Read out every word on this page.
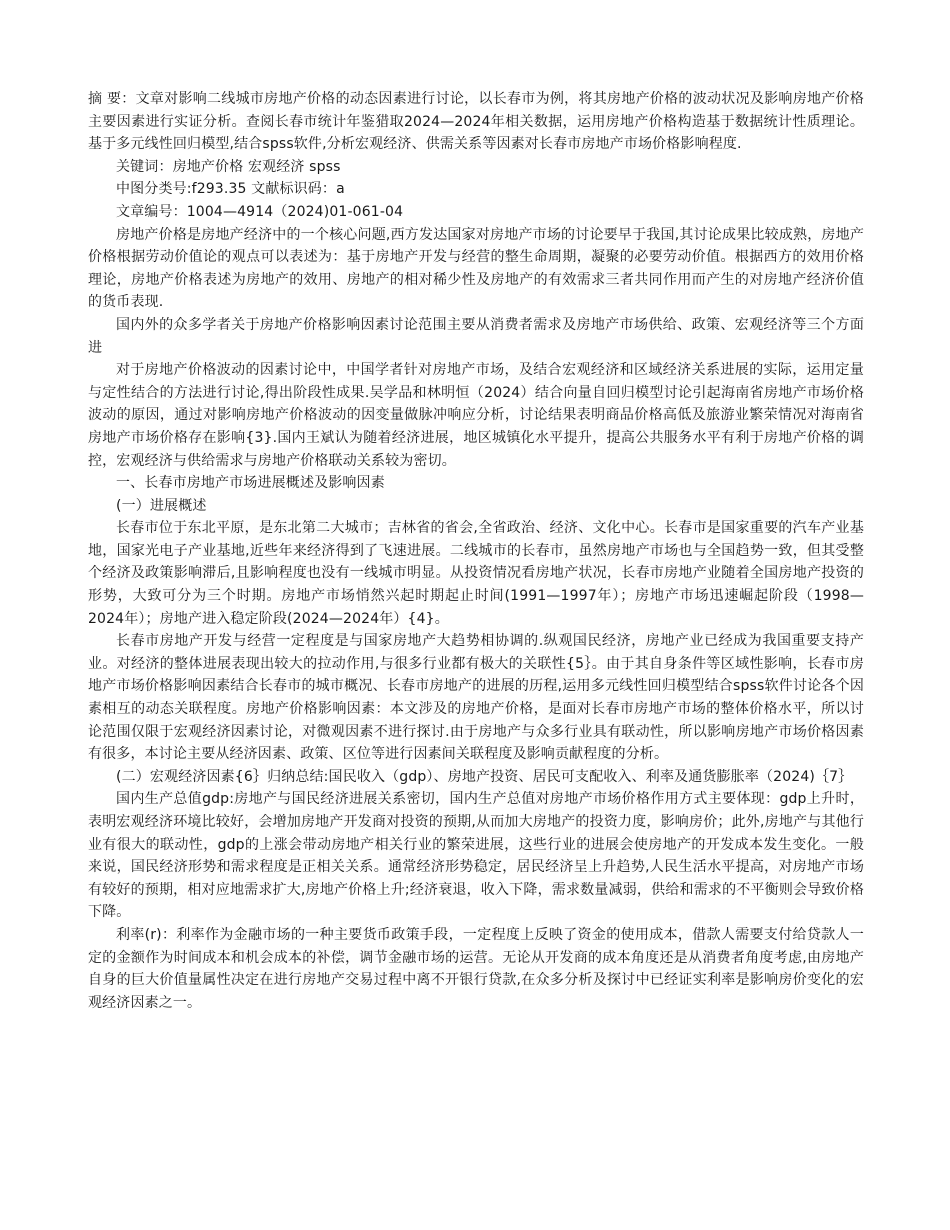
摘 要：文章对影响二线城市房地产价格的动态因素进行讨论，以长春市为例，将其房地产价格的波动状况及影响房地产价格主要因素进行实证分析。查阅长春市统计年鉴猎取2024—2024年相关数据，运用房地产价格构造基于数据统计性质理论。基于多元线性回归模型,结合spss软件,分析宏观经济、供需关系等因素对长春市房地产市场价格影响程度.

关键词：房地产价格 宏观经济 spss

中图分类号:f293.35 文献标识码：a

文章编号：1004—4914（2024)01-061-04

房地产价格是房地产经济中的一个核心问题,西方发达国家对房地产市场的讨论要早于我国,其讨论成果比较成熟，房地产价格根据劳动价值论的观点可以表述为：基于房地产开发与经营的整生命周期，凝聚的必要劳动价值。根据西方的效用价格理论，房地产价格表述为房地产的效用、房地产的相对稀少性及房地产的有效需求三者共同作用而产生的对房地产经济价值的货币表现.

国内外的众多学者关于房地产价格影响因素讨论范围主要从消费者需求及房地产市场供给、政策、宏观经济等三个方面进

对于房地产价格波动的因素讨论中，中国学者针对房地产市场，及结合宏观经济和区域经济关系进展的实际，运用定量与定性结合的方法进行讨论,得出阶段性成果.吴学品和林明恒（2024）结合向量自回归模型讨论引起海南省房地产市场价格波动的原因，通过对影响房地产价格波动的因变量做脉冲响应分析，讨论结果表明商品价格高低及旅游业繁荣情况对海南省房地产市场价格存在影响{3}.国内王斌认为随着经济进展，地区城镇化水平提升，提高公共服务水平有利于房地产价格的调控，宏观经济与供给需求与房地产价格联动关系较为密切。

一、长春市房地产市场进展概述及影响因素

(一）进展概述

长春市位于东北平原，是东北第二大城市；吉林省的省会,全省政治、经济、文化中心。长春市是国家重要的汽车产业基地，国家光电子产业基地,近些年来经济得到了飞速进展。二线城市的长春市，虽然房地产市场也与全国趋势一致，但其受整个经济及政策影响滞后,且影响程度也没有一线城市明显。从投资情况看房地产状况，长春市房地产业随着全国房地产投资的形势，大致可分为三个时期。房地产市场悄然兴起时期起止时间(1991—1997年）；房地产市场迅速崛起阶段（1998—2024年）；房地产进入稳定阶段(2024—2024年）{4}。

长春市房地产开发与经营一定程度是与国家房地产大趋势相协调的.纵观国民经济，房地产业已经成为我国重要支持产业。对经济的整体进展表现出较大的拉动作用,与很多行业都有极大的关联性{5｝。由于其自身条件等区域性影响，长春市房地产市场价格影响因素结合长春市的城市概况、长春市房地产的进展的历程,运用多元线性回归模型结合spss软件讨论各个因素相互的动态关联程度。房地产价格影响因素：本文涉及的房地产价格，是面对长春市房地产市场的整体价格水平，所以讨论范围仅限于宏观经济因素讨论，对微观因素不进行探讨.由于房地产与众多行业具有联动性，所以影响房地产市场价格因素有很多，本讨论主要从经济因素、政策、区位等进行因素间关联程度及影响贡献程度的分析。

(二）宏观经济因素{6｝归纳总结:国民收入（gdp）、房地产投资、居民可支配收入、利率及通货膨胀率（2024)｛7｝

国内生产总值gdp:房地产与国民经济进展关系密切，国内生产总值对房地产市场价格作用方式主要体现：gdp上升时，表明宏观经济环境比较好，会增加房地产开发商对投资的预期,从而加大房地产的投资力度，影响房价；此外,房地产与其他行业有很大的联动性，gdp的上涨会带动房地产相关行业的繁荣进展，这些行业的进展会使房地产的开发成本发生变化。一般来说，国民经济形势和需求程度是正相关关系。通常经济形势稳定，居民经济呈上升趋势,人民生活水平提高，对房地产市场有较好的预期，相对应地需求扩大,房地产价格上升;经济衰退，收入下降，需求数量减弱，供给和需求的不平衡则会导致价格下降。

利率(r)：利率作为金融市场的一种主要货币政策手段，一定程度上反映了资金的使用成本，借款人需要支付给贷款人一定的金额作为时间成本和机会成本的补偿，调节金融市场的运营。无论从开发商的成本角度还是从消费者角度考虑,由房地产自身的巨大价值量属性决定在进行房地产交易过程中离不开银行贷款,在众多分析及探讨中已经证实利率是影响房价变化的宏观经济因素之一。
